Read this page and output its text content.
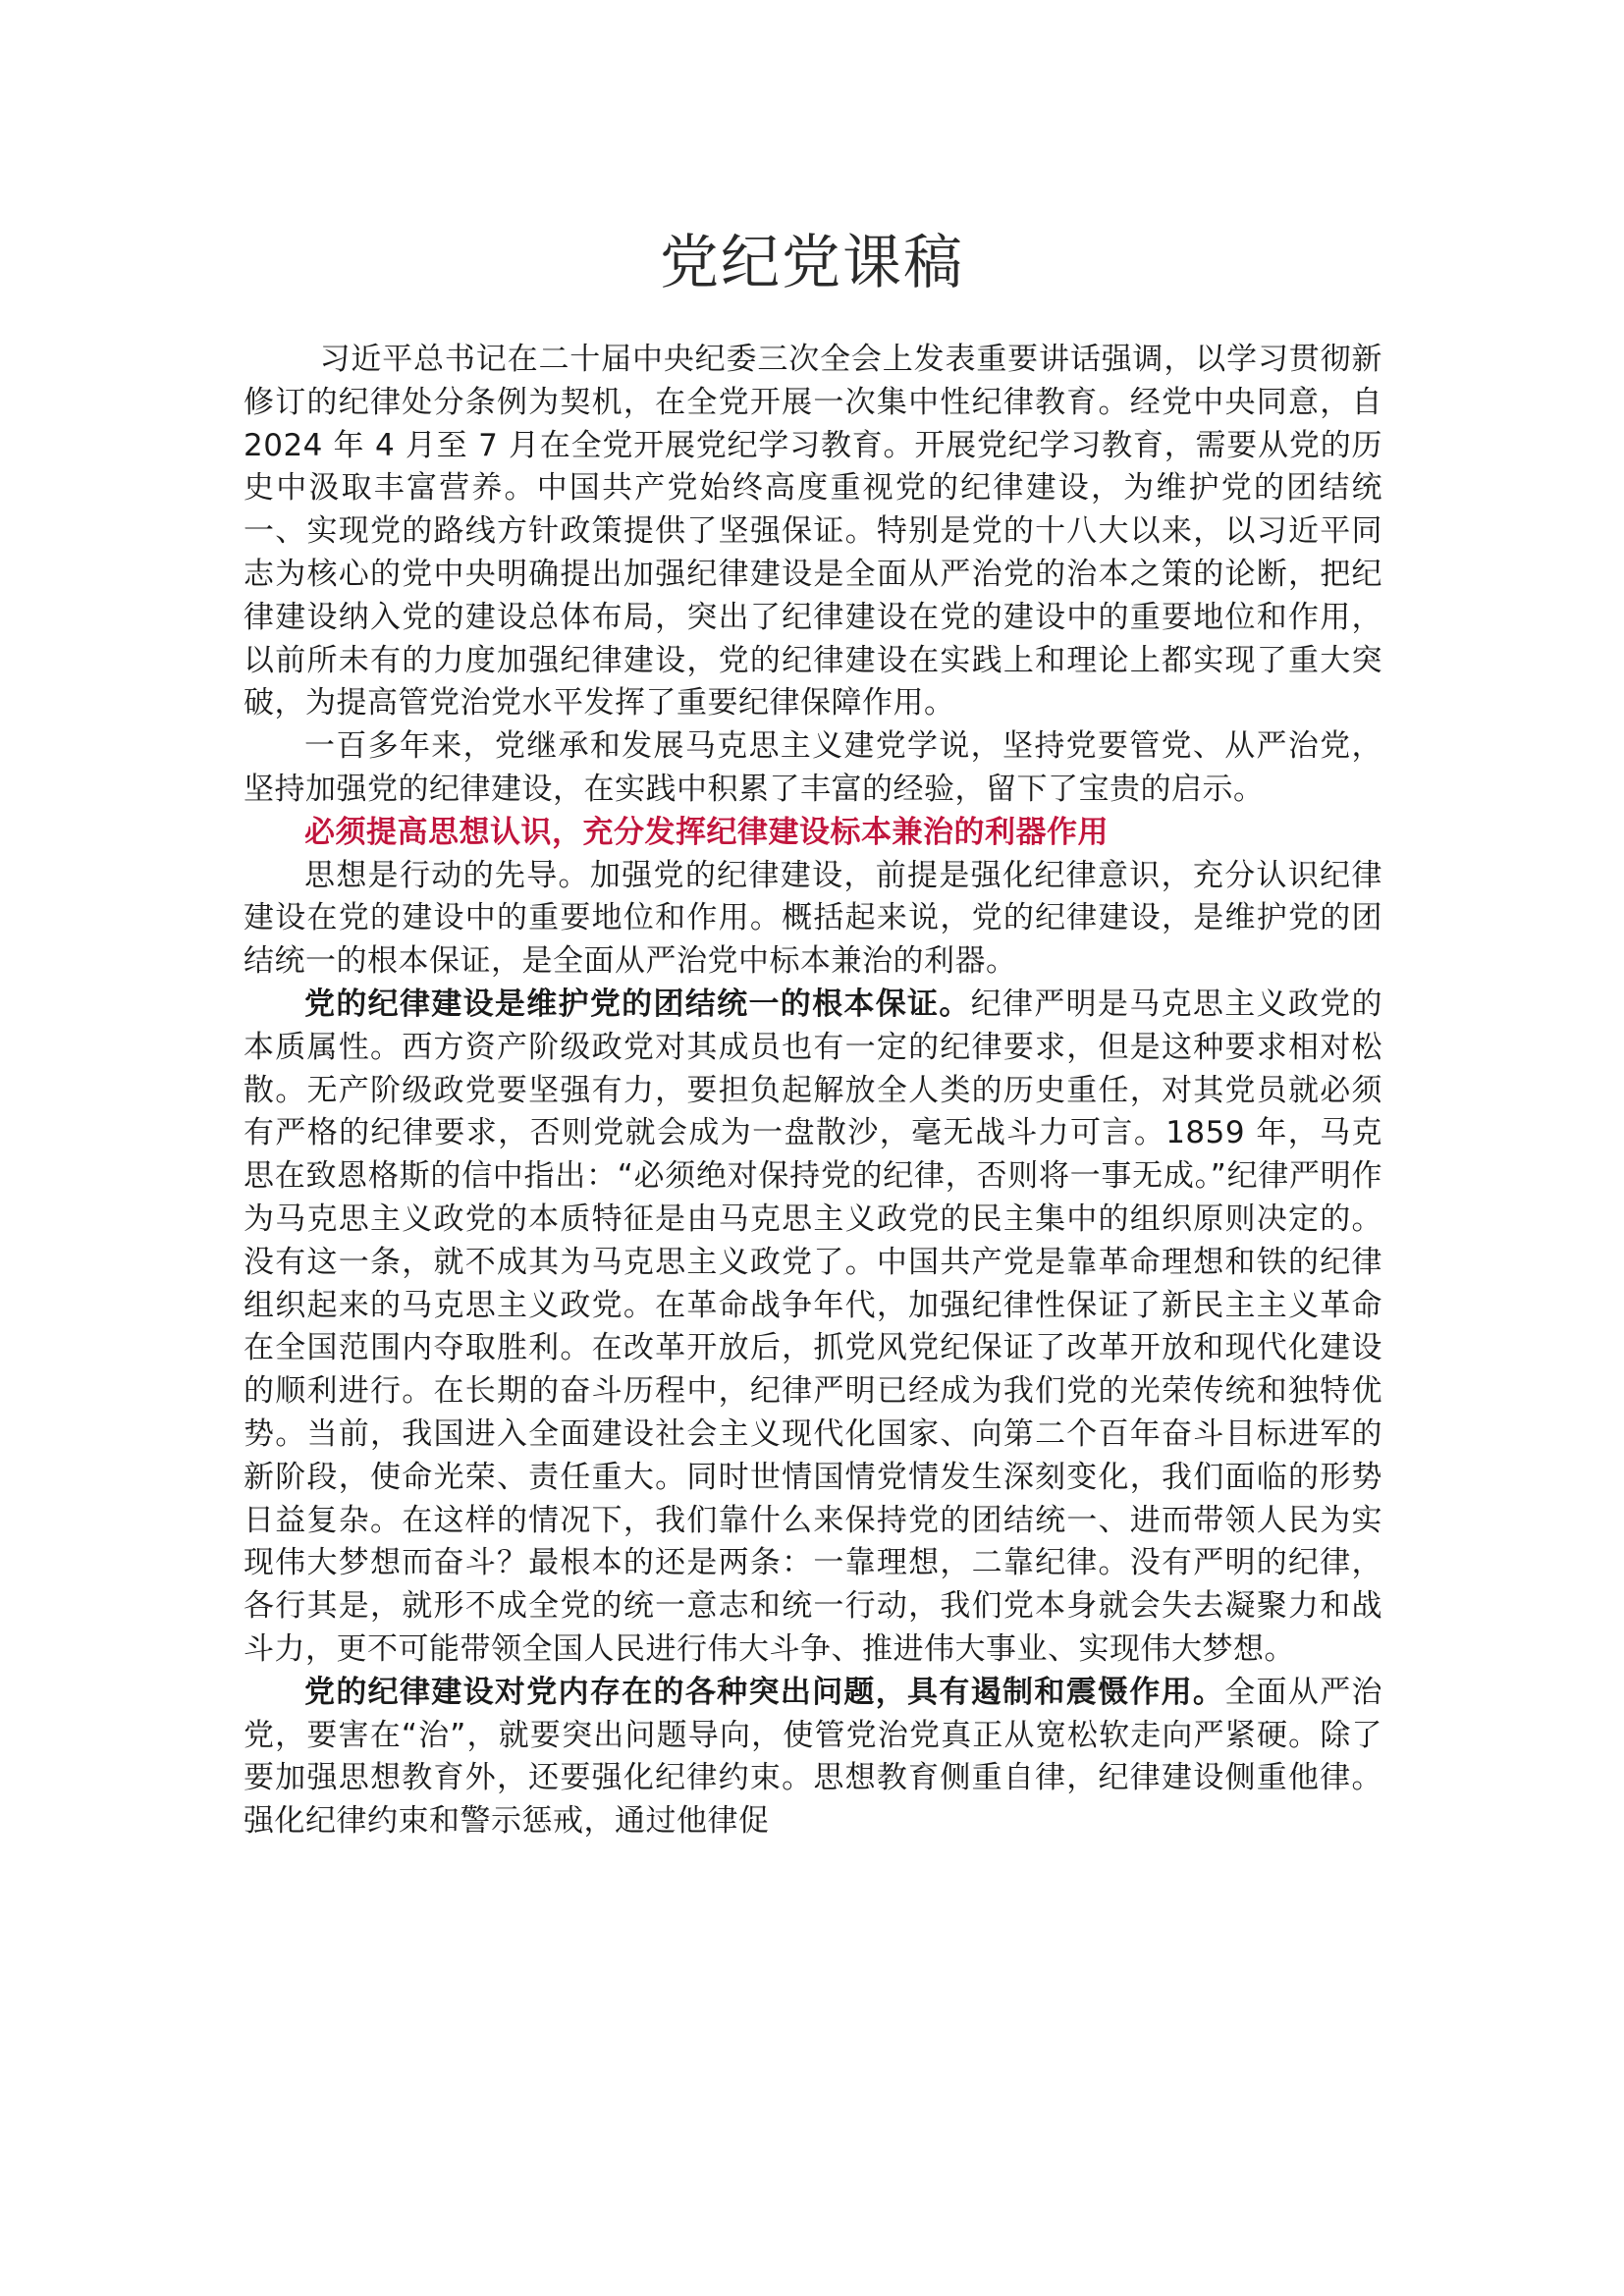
党纪党课稿

习近平总书记在二十届中央纪委三次全会上发表重要讲话强调，以学习贯彻新修订的纪律处分条例为契机，在全党开展一次集中性纪律教育。经党中央同意，自 2024 年 4 月至 7 月在全党开展党纪学习教育。开展党纪学习教育，需要从党的历史中汲取丰富营养。中国共产党始终高度重视党的纪律建设，为维护党的团结统一、实现党的路线方针政策提供了坚强保证。特别是党的十八大以来，以习近平同志为核心的党中央明确提出加强纪律建设是全面从严治党的治本之策的论断，把纪律建设纳入党的建设总体布局，突出了纪律建设在党的建设中的重要地位和作用，以前所未有的力度加强纪律建设，党的纪律建设在实践上和理论上都实现了重大突破，为提高管党治党水平发挥了重要纪律保障作用。

一百多年来，党继承和发展马克思主义建党学说，坚持党要管党、从严治党，坚持加强党的纪律建设，在实践中积累了丰富的经验，留下了宝贵的启示。

必须提高思想认识，充分发挥纪律建设标本兼治的利器作用

思想是行动的先导。加强党的纪律建设，前提是强化纪律意识，充分认识纪律建设在党的建设中的重要地位和作用。概括起来说，党的纪律建设，是维护党的团结统一的根本保证，是全面从严治党中标本兼治的利器。

党的纪律建设是维护党的团结统一的根本保证。纪律严明是马克思主义政党的本质属性。西方资产阶级政党对其成员也有一定的纪律要求，但是这种要求相对松散。无产阶级政党要坚强有力，要担负起解放全人类的历史重任，对其党员就必须有严格的纪律要求，否则党就会成为一盘散沙，毫无战斗力可言。1859 年，马克思在致恩格斯的信中指出：“必须绝对保持党的纪律，否则将一事无成。”纪律严明作为马克思主义政党的本质特征是由马克思主义政党的民主集中的组织原则决定的。没有这一条，就不成其为马克思主义政党了。中国共产党是靠革命理想和铁的纪律组织起来的马克思主义政党。在革命战争年代，加强纪律性保证了新民主主义革命在全国范围内夺取胜利。在改革开放后，抓党风党纪保证了改革开放和现代化建设的顺利进行。在长期的奋斗历程中，纪律严明已经成为我们党的光荣传统和独特优势。当前，我国进入全面建设社会主义现代化国家、向第二个百年奋斗目标进军的新阶段，使命光荣、责任重大。同时世情国情党情发生深刻变化，我们面临的形势日益复杂。在这样的情况下，我们靠什么来保持党的团结统一、进而带领人民为实现伟大梦想而奋斗？最根本的还是两条：一靠理想，二靠纪律。没有严明的纪律，各行其是，就形不成全党的统一意志和统一行动，我们党本身就会失去凝聚力和战斗力，更不可能带领全国人民进行伟大斗争、推进伟大事业、实现伟大梦想。

党的纪律建设对党内存在的各种突出问题，具有遏制和震慑作用。全面从严治党，要害在“治”，就要突出问题导向，使管党治党真正从宽松软走向严紧硬。除了要加强思想教育外，还要强化纪律约束。思想教育侧重自律，纪律建设侧重他律。强化纪律约束和警示惩戒，通过他律促
